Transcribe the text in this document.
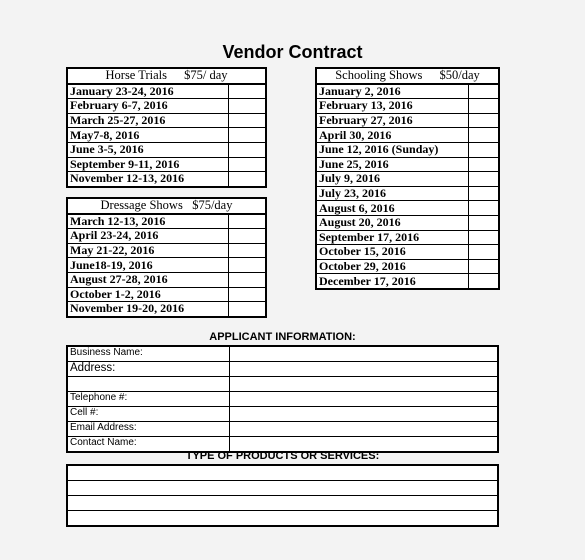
Vendor Contract
Horse Trials $75/ day	
January 23-24, 2016	
February 6-7, 2016	
March 25-27, 2016	
May7-8, 2016	
June 3-5, 2016	
September 9-11, 2016	
November 12-13, 2016	
Dressage Shows   $75/day	
March 12-13, 2016	
April 23-24, 2016	
May 21-22, 2016	
June18-19, 2016	
August 27-28, 2016	
October 1-2, 2016	
November 19-20, 2016	
Schooling Shows $50/day	
January 2, 2016	
February 13, 2016	
February 27, 2016	
April 30, 2016	
June 12, 2016 (Sunday)	
June 25, 2016	
July 9, 2016	
July 23, 2016	
August 6, 2016	
August 20, 2016	
September 17, 2016	
October 15, 2016	
October 29, 2016	
December 17, 2016	
APPLICANT INFORMATION:
Business Name:	
Address:	

Telephone #:	
Cell #:	
Email Address:	
Contact Name:	
TYPE OF PRODUCTS OR SERVICES:
